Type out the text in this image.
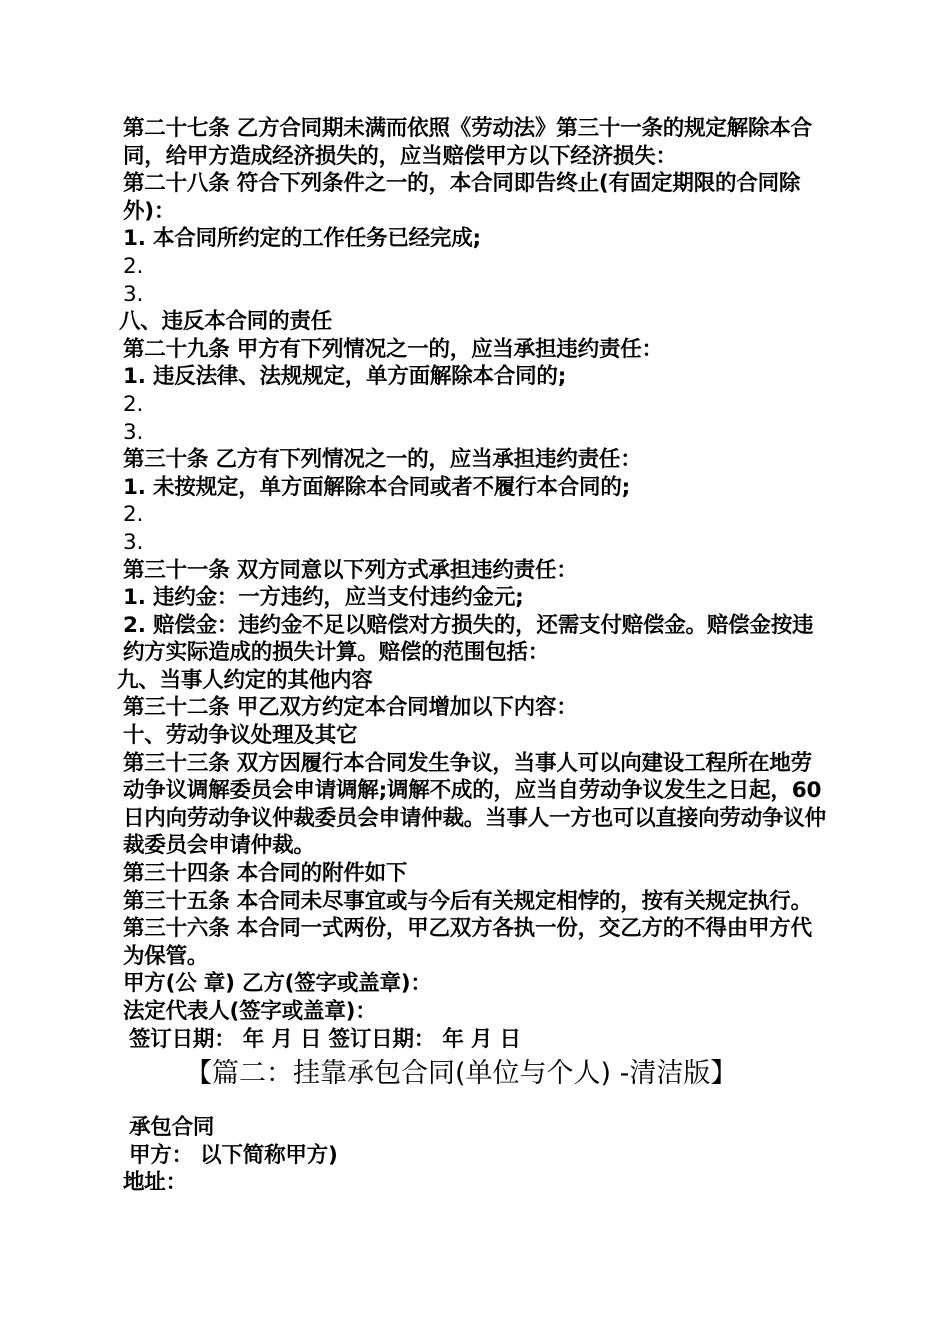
第二十七条 乙方合同期未满而依照《劳动法》第三十一条的规定解除本合同，给甲方造成经济损失的，应当赔偿甲方以下经济损失：
第二十八条 符合下列条件之一的，本合同即告终止(有固定期限的合同除外)：
1. 本合同所约定的工作任务已经完成;
2.
3.
八、违反本合同的责任
第二十九条 甲方有下列情况之一的，应当承担违约责任：
1. 违反法律、法规规定，单方面解除本合同的;
2.
3.
第三十条 乙方有下列情况之一的，应当承担违约责任：
1. 未按规定，单方面解除本合同或者不履行本合同的;
2.
3.
第三十一条 双方同意以下列方式承担违约责任：
1. 违约金：一方违约，应当支付违约金元;
2. 赔偿金：违约金不足以赔偿对方损失的，还需支付赔偿金。赔偿金按违约方实际造成的损失计算。赔偿的范围包括：
九、当事人约定的其他内容
第三十二条 甲乙双方约定本合同增加以下内容：
十、劳动争议处理及其它
第三十三条 双方因履行本合同发生争议，当事人可以向建设工程所在地劳动争议调解委员会申请调解;调解不成的，应当自劳动争议发生之日起，60 日内向劳动争议仲裁委员会申请仲裁。当事人一方也可以直接向劳动争议仲裁委员会申请仲裁。
第三十四条 本合同的附件如下
第三十五条 本合同未尽事宜或与今后有关规定相悖的，按有关规定执行。
第三十六条 本合同一式两份，甲乙双方各执一份，交乙方的不得由甲方代为保管。
甲方(公 章) 乙方(签字或盖章)：
法定代表人(签字或盖章)：
签订日期： 年 月 日 签订日期： 年 月 日
【篇二：挂靠承包合同(单位与个人) -清洁版】
承包合同
甲方： 以下简称甲方)
地址：
